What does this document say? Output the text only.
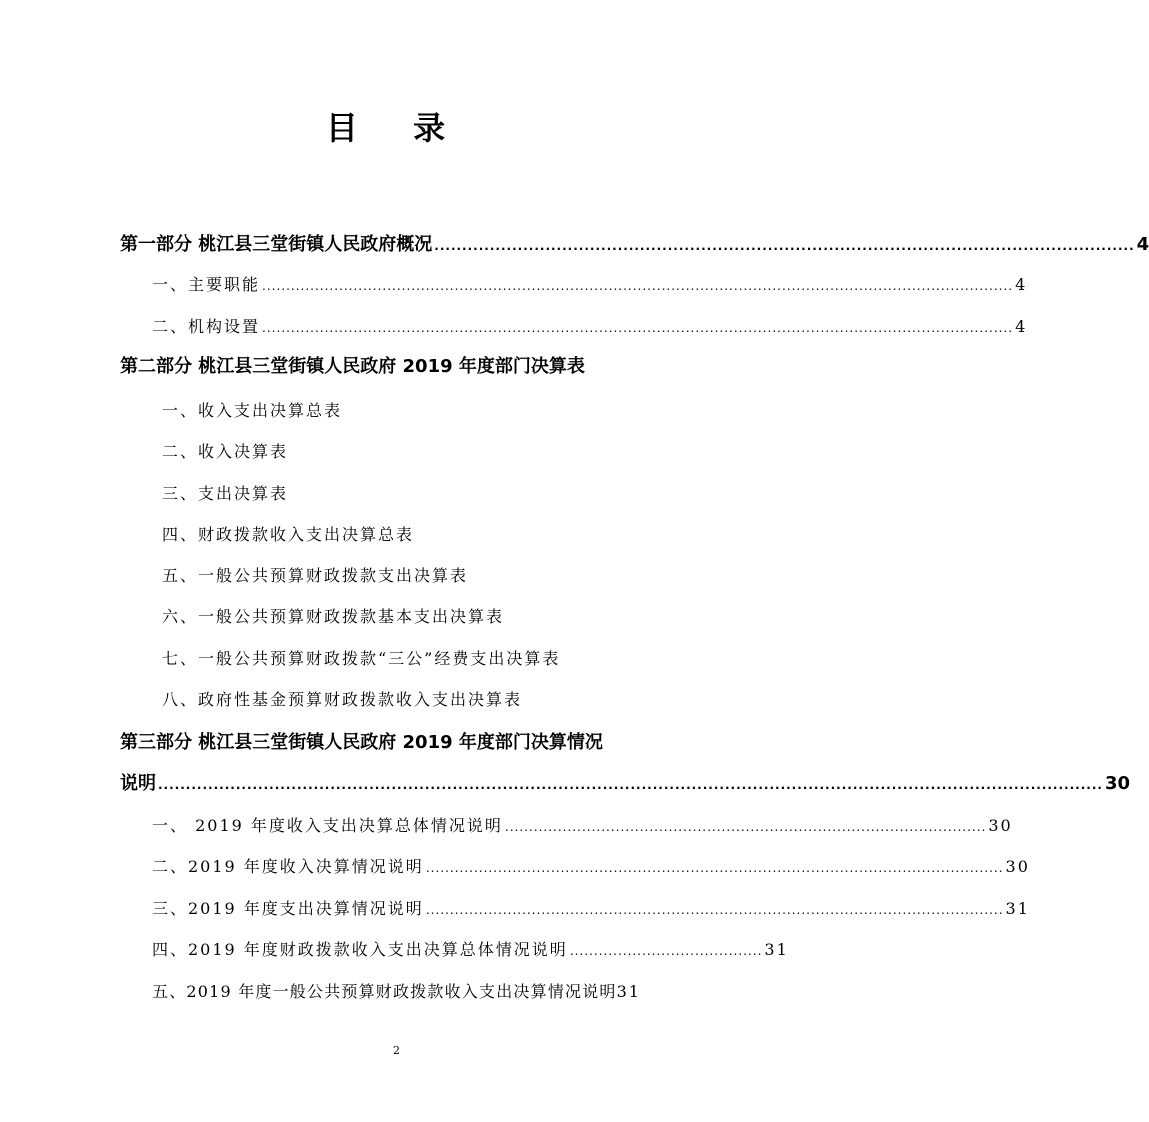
目 录
第一部分 桃江县三堂街镇人民政府概况 .............................................................................................................................. 4
一、主要职能 ............................................................................................................................................................ 4
二、机构设置 ............................................................................................................................................................ 4
第二部分 桃江县三堂街镇人民政府 2019 年度部门决算表
一、收入支出决算总表
二、收入决算表
三、支出决算表
四、财政拨款收入支出决算总表
五、一般公共预算财政拨款支出决算表
六、一般公共预算财政拨款基本支出决算表
七、一般公共预算财政拨款“三公”经费支出决算表
八、政府性基金预算财政拨款收入支出决算表
第三部分 桃江县三堂街镇人民政府 2019 年度部门决算情况
说明 .......................................................................................................................................................................... 30
一、 2019 年度收入支出决算总体情况说明 .................................................................................................... 30
二、2019 年度收入决算情况说明 ........................................................................................................................ 30
三、2019 年度支出决算情况说明 ........................................................................................................................ 31
四、2019 年度财政拨款收入支出决算总体情况说明 ........................................ 31
五、2019 年度一般公共预算财政拨款收入支出决算情况说明 31
2
